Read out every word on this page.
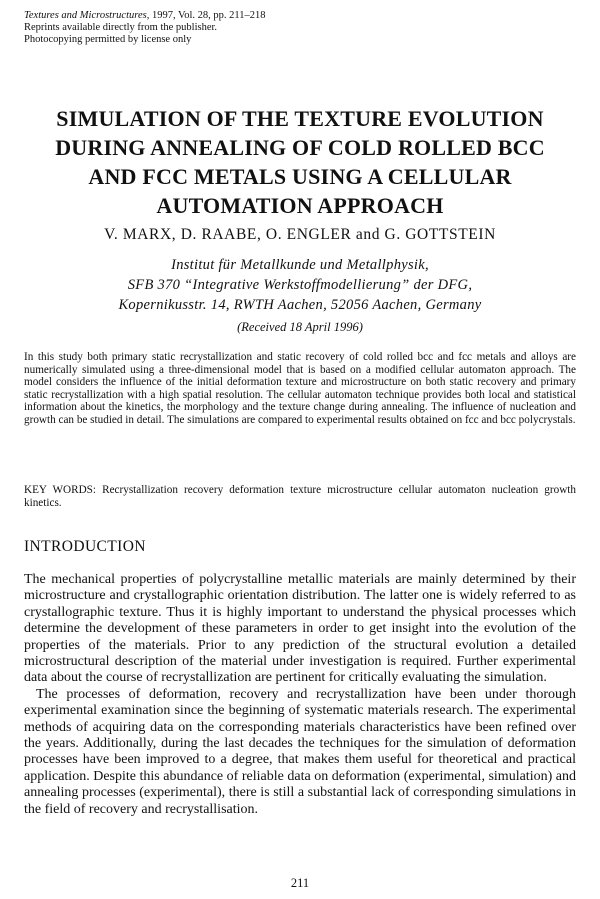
Textures and Microstructures, 1997, Vol. 28, pp. 211–218
Reprints available directly from the publisher.
Photocopying permitted by license only
SIMULATION OF THE TEXTURE EVOLUTION DURING ANNEALING OF COLD ROLLED BCC AND FCC METALS USING A CELLULAR AUTOMATION APPROACH
V. MARX, D. RAABE, O. ENGLER and G. GOTTSTEIN
Institut für Metallkunde und Metallphysik,
SFB 370 “Integrative Werkstoffmodellierung” der DFG,
Kopernikusstr. 14, RWTH Aachen, 52056 Aachen, Germany
(Received 18 April 1996)
In this study both primary static recrystallization and static recovery of cold rolled bcc and fcc metals and alloys are numerically simulated using a three-dimensional model that is based on a modified cellular automaton approach. The model considers the influence of the initial deformation texture and microstructure on both static recovery and primary static recrystallization with a high spatial resolution. The cellular automaton technique provides both local and statistical information about the kinetics, the morphology and the texture change during annealing. The influence of nucleation and growth can be studied in detail. The simulations are compared to experimental results obtained on fcc and bcc polycrystals.
KEY WORDS: Recrystallization recovery deformation texture microstructure cellular automaton nucleation growth kinetics.
INTRODUCTION

The mechanical properties of polycrystalline metallic materials are mainly determined by their microstructure and crystallographic orientation distribution. The latter one is widely referred to as crystallographic texture. Thus it is highly important to understand the physical processes which determine the development of these parameters in order to get insight into the evolution of the properties of the materials. Prior to any prediction of the structural evolution a detailed microstructural description of the material under investigation is required. Further experimental data about the course of recrystallization are pertinent for critically evaluating the simulation.

The processes of deformation, recovery and recrystallization have been under thorough experimental examination since the beginning of systematic materials research. The experimental methods of acquiring data on the corresponding materials characteristics have been refined over the years. Additionally, during the last decades the techniques for the simulation of deformation processes have been improved to a degree, that makes them useful for theoretical and practical application. Despite this abundance of reliable data on deformation (experimental, simulation) and annealing processes (experimental), there is still a substantial lack of corresponding simulations in the field of recovery and recrystallisation.

211
